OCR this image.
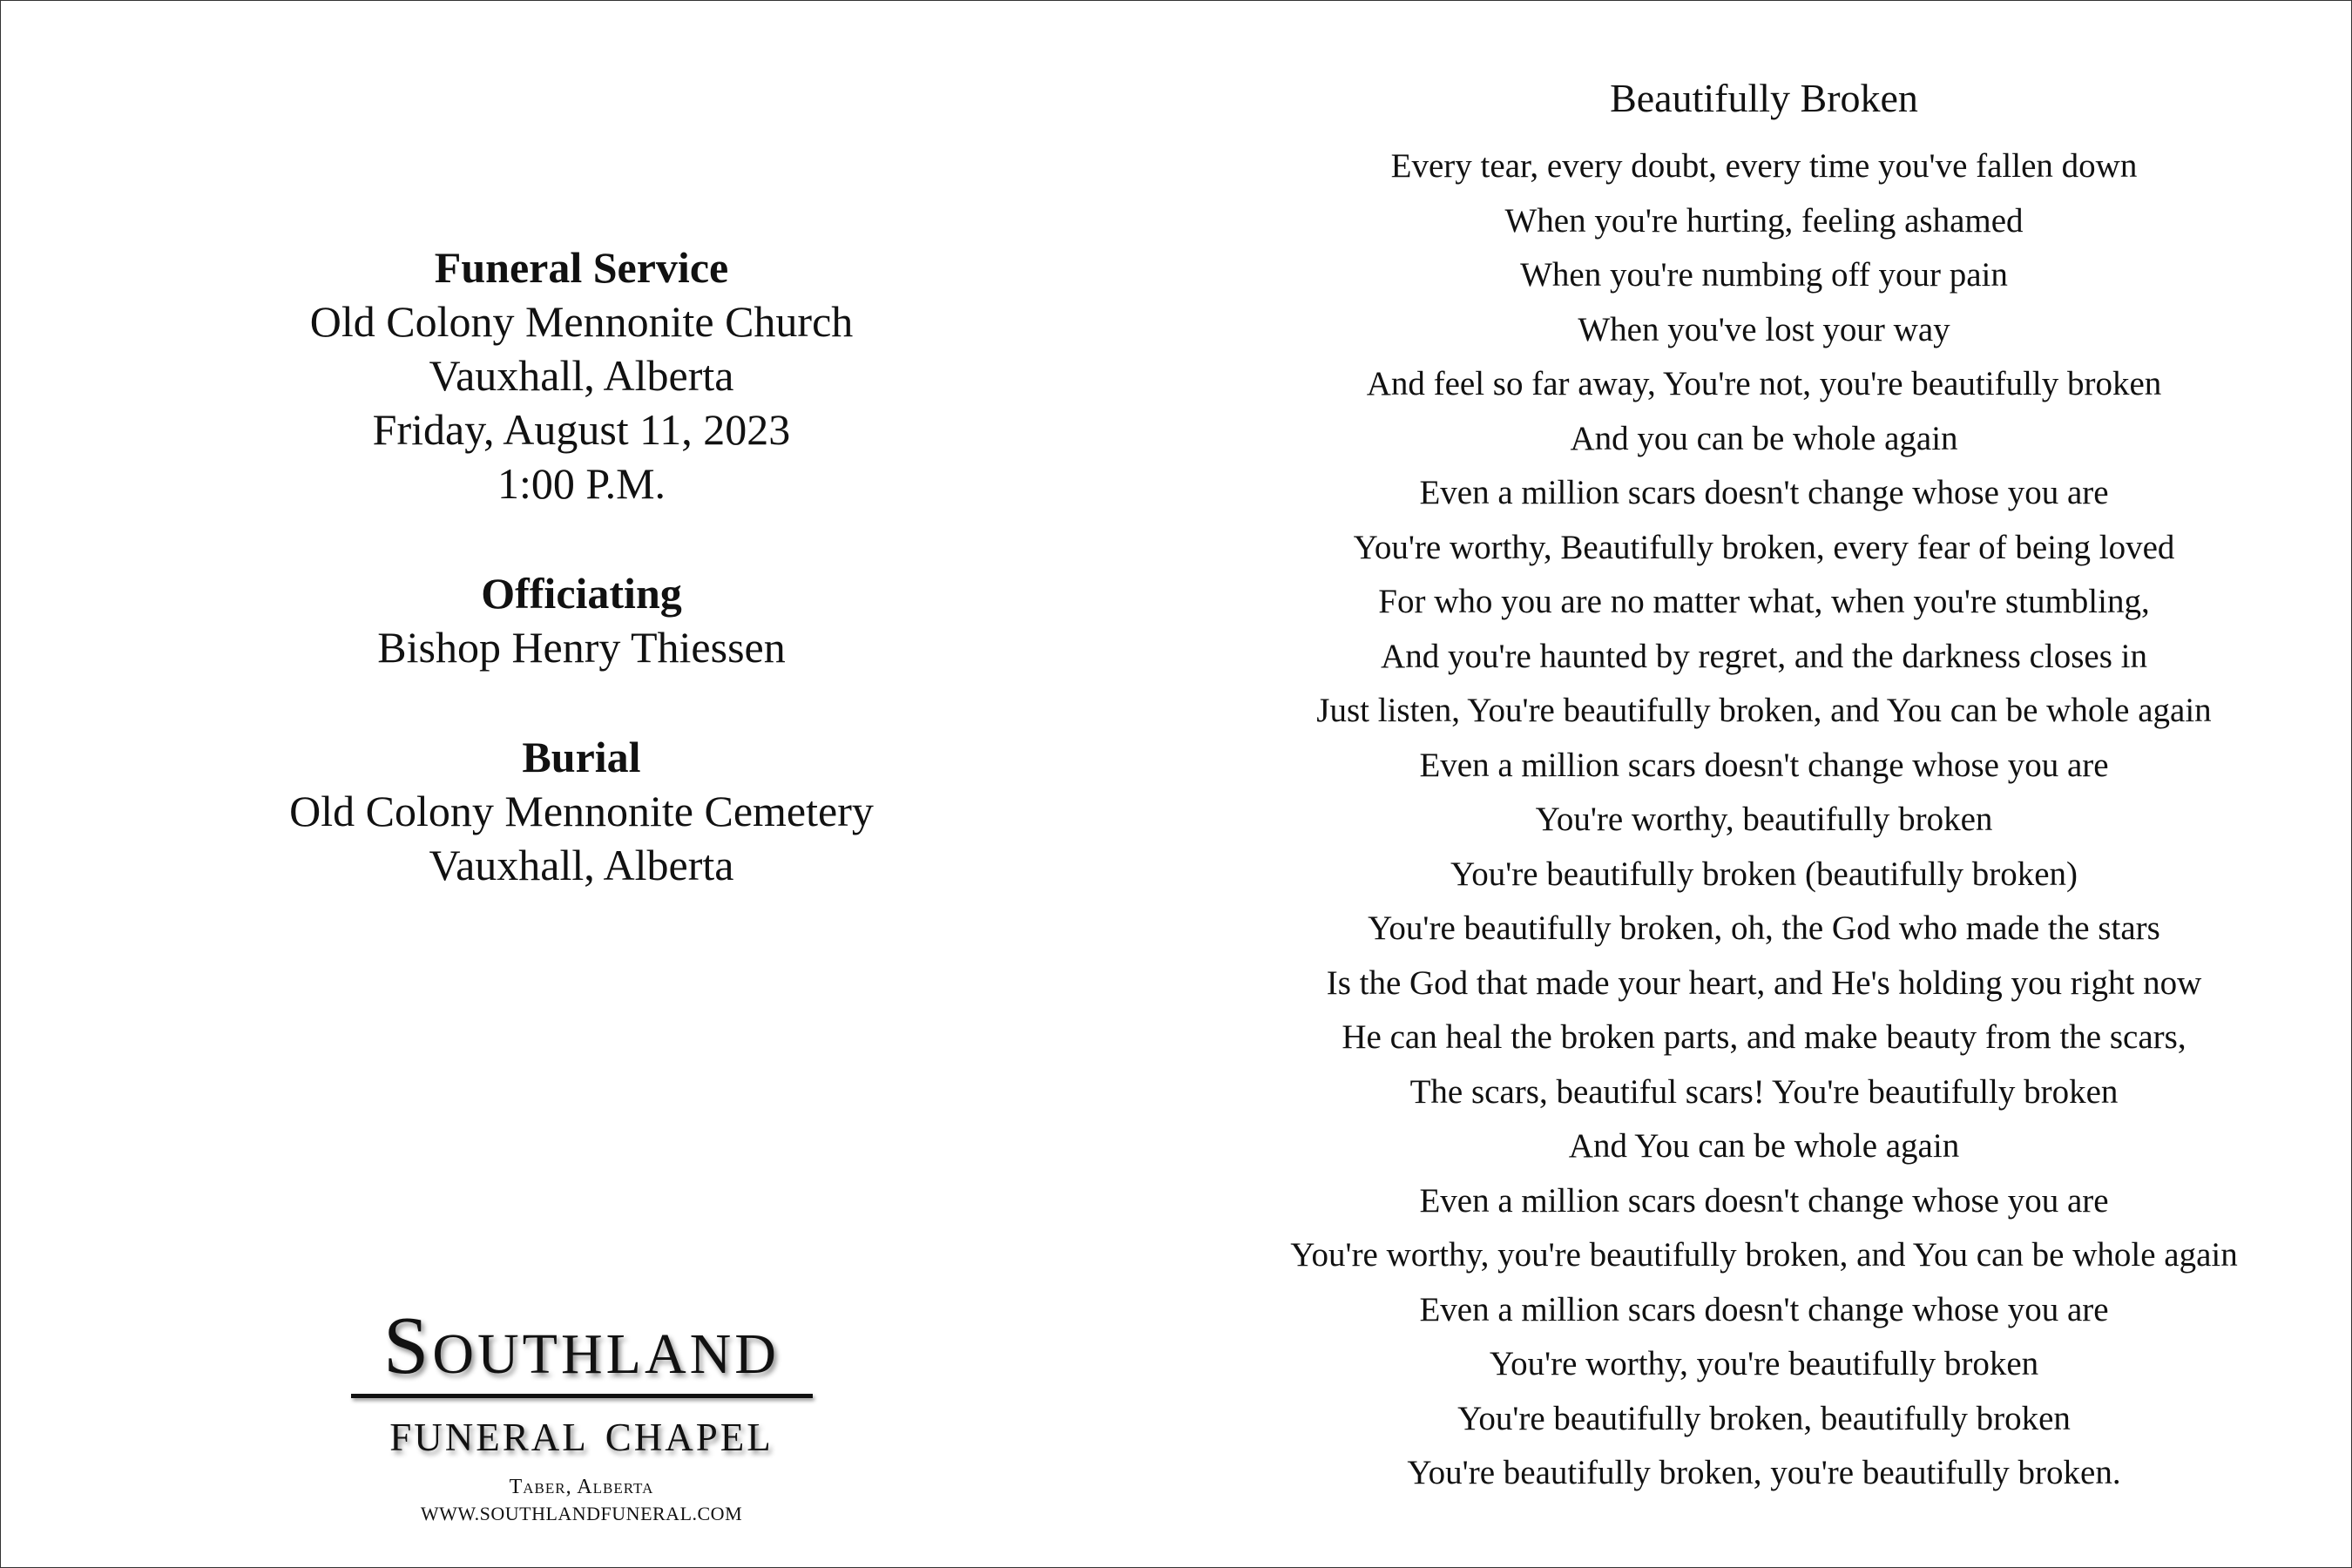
Funeral Service
Old Colony Mennonite Church
Vauxhall, Alberta
Friday, August 11, 2023
1:00 P.M.
Officiating
Bishop Henry Thiessen
Burial
Old Colony Mennonite Cemetery
Vauxhall, Alberta
Southland
funeral chapel
Taber, Alberta
WWW.SOUTHLANDFUNERAL.COM
Beautifully Broken
Every tear, every doubt, every time you've fallen down
When you're hurting, feeling ashamed
When you're numbing off your pain
When you've lost your way
And feel so far away, You're not, you're beautifully broken
And you can be whole again
Even a million scars doesn't change whose you are
You're worthy, Beautifully broken, every fear of being loved
For who you are no matter what, when you're stumbling,
And you're haunted by regret, and the darkness closes in
Just listen, You're beautifully broken, and You can be whole again
Even a million scars doesn't change whose you are
You're worthy, beautifully broken
You're beautifully broken (beautifully broken)
You're beautifully broken, oh, the God who made the stars
Is the God that made your heart, and He's holding you right now
He can heal the broken parts, and make beauty from the scars,
The scars, beautiful scars! You're beautifully broken
And You can be whole again
Even a million scars doesn't change whose you are
You're worthy, you're beautifully broken, and You can be whole again
Even a million scars doesn't change whose you are
You're worthy, you're beautifully broken
You're beautifully broken, beautifully broken
You're beautifully broken, you're beautifully broken.
